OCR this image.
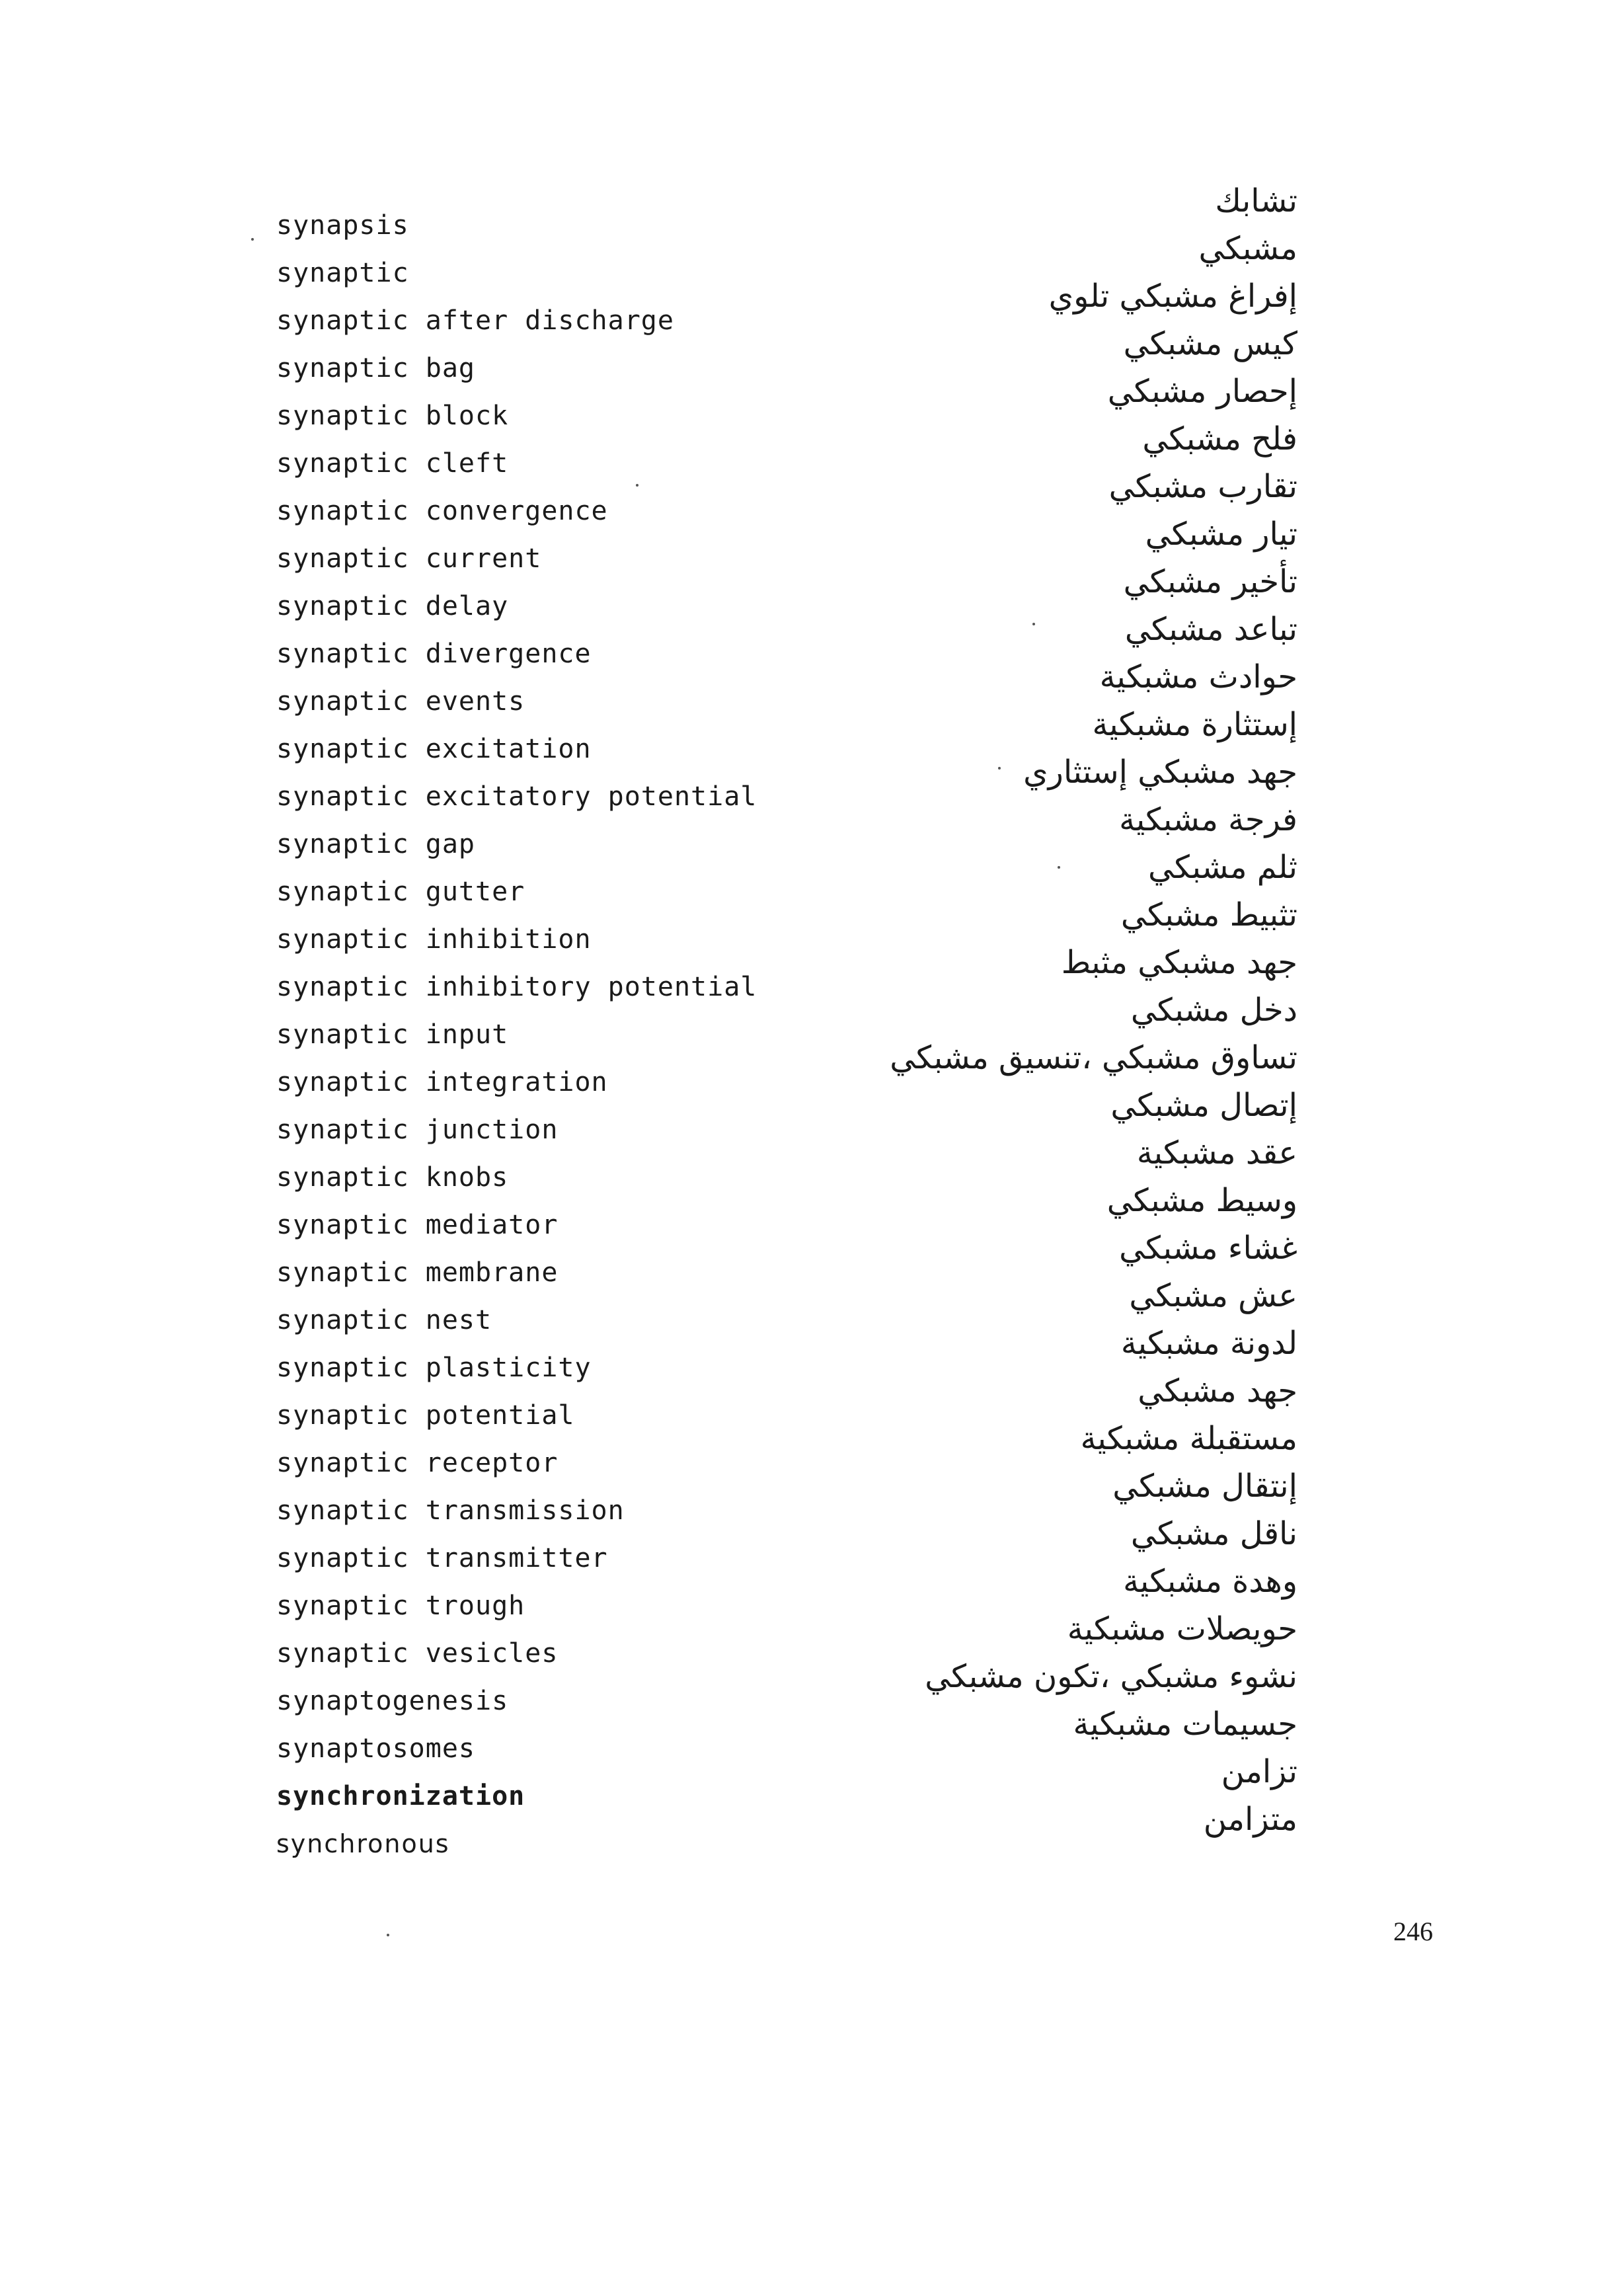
synapsis
synaptic
synaptic after discharge
synaptic bag
synaptic block
synaptic cleft
synaptic convergence
synaptic current
synaptic delay
synaptic divergence
synaptic events
synaptic excitation
synaptic excitatory potential
synaptic gap
synaptic gutter
synaptic inhibition
synaptic inhibitory potential
synaptic input
synaptic integration
synaptic junction
synaptic knobs
synaptic mediator
synaptic membrane
synaptic nest
synaptic plasticity
synaptic potential
synaptic receptor
synaptic transmission
synaptic transmitter
synaptic trough
synaptic vesicles
synaptogenesis
synaptosomes
synchronization
synchronous
تشابك
مشبكي
إفراغ مشبكي تلوي
كيس مشبكي
إحصار مشبكي
فلح مشبكي
تقارب مشبكي
تيار مشبكي
تأخير مشبكي
تباعد مشبكي
حوادث مشبكية
إستثارة مشبكية
جهد مشبكي إستثاري
فرجة مشبكية
ثلم مشبكي
تثبيط مشبكي
جهد مشبكي مثبط
دخل مشبكي
تساوق مشبكي ،تنسيق مشبكي
إتصال مشبكي
عقد مشبكية
وسيط مشبكي
غشاء مشبكي
عش مشبكي
لدونة مشبكية
جهد مشبكي
مستقبلة مشبكية
إنتقال مشبكي
ناقل مشبكي
وهدة مشبكية
حويصلات مشبكية
نشوء مشبكي ،تكون مشبكي
جسيمات مشبكية
تزامن
متزامن
246
